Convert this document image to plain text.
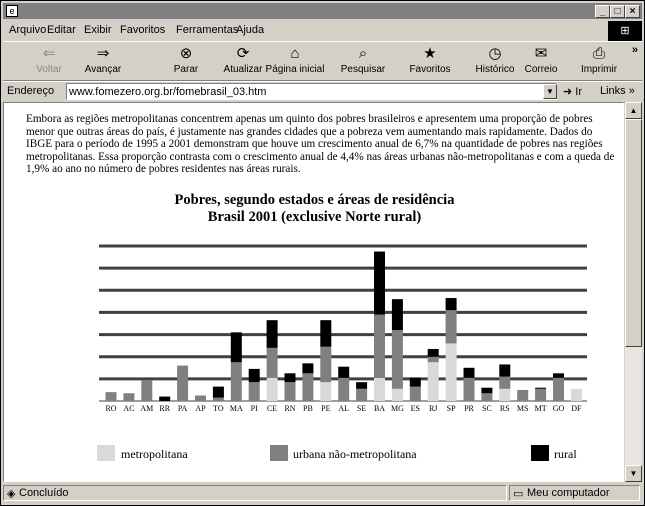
e	_ □ ×
Arquivo Editar Exibir Favoritos Ferramentas
Ajuda	⊞
»
⇐
Voltar
⇒
Avançar
⊗
Parar
⟳
Atualizar
⌂
Página inicial
⌕
Pesquisar
★
Favoritos
◷
Histórico
✉
Correio
⎙
Imprimir
Endereço
www.fomezero.org.br/fomebrasil_03.htm	▼ ➜ Ir Links »

Embora as regiões metropolitanas concentrem apenas um quinto dos pobres brasileiros e apresentem uma proporção de pobres menor que outras áreas do país, é justamente nas grandes cidades que a pobreza vem aumentando mais rapidamente. Dados do IBGE para o período de 1995 a 2001 demonstram que houve um crescimento anual de 6,7% na quantidade de pobres nas regiões metropolitanas. Essa proporção contrasta com o crescimento anual de 4,4% nas áreas urbanas não-metropolitanas e com a queda de 1,9% ao ano no número de pobres residentes nas áreas rurais.

Pobres, segundo estados e áreas de residência
Brasil 2001 (exclusive Norte rural)
RO AC AM RR PA AP TO MA PI CE RN PB PE AL SE BA MG ES RJ SP PR SC RS MS MT GO DF
metropolitana	urbana não-metropolitana	rural
▲
▼
◈ Concluído	▭ Meu computador
